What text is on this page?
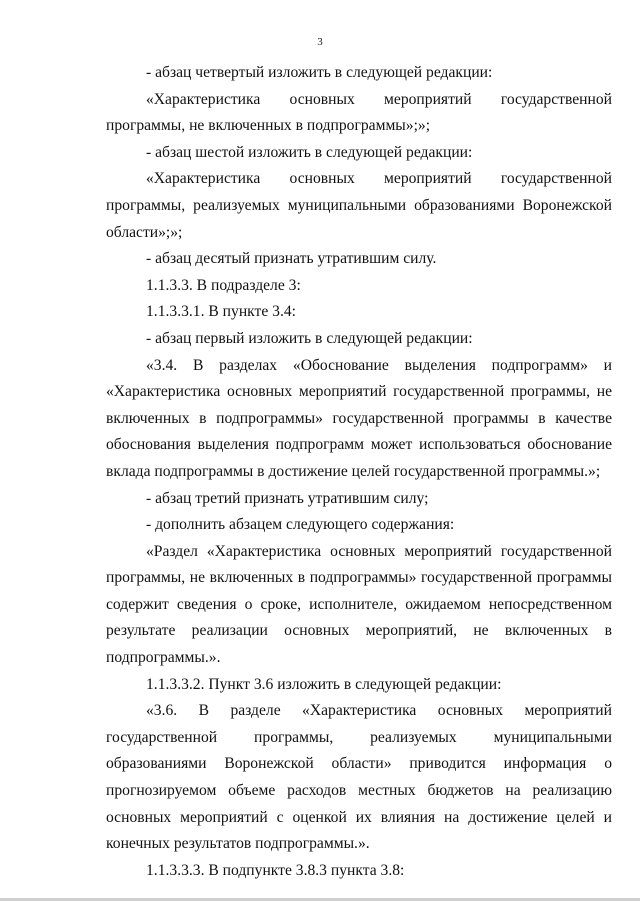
3

- абзац четвертый изложить в следующей редакции:

«Характеристика основных мероприятий государственной программы, не включенных в подпрограммы»;»;

- абзац шестой изложить в следующей редакции:

«Характеристика основных мероприятий государственной программы, реализуемых муниципальными образованиями Воронежской области»;»;

- абзац десятый признать утратившим силу.

1.1.3.3. В подразделе 3:

1.1.3.3.1. В пункте 3.4:

- абзац первый изложить в следующей редакции:

«3.4. В разделах «Обоснование выделения подпрограмм» и «Характеристика основных мероприятий государственной программы, не включенных в подпрограммы» государственной программы в качестве обоснования выделения подпрограмм может использоваться обоснование вклада подпрограммы в достижение целей государственной программы.»;

- абзац третий признать утратившим силу;

- дополнить абзацем следующего содержания:

«Раздел «Характеристика основных мероприятий государственной программы, не включенных в подпрограммы» государственной программы содержит сведения о сроке, исполнителе, ожидаемом непосредственном результате реализации основных мероприятий, не включенных в подпрограммы.».

1.1.3.3.2. Пункт 3.6 изложить в следующей редакции:

«3.6. В разделе «Характеристика основных мероприятий государственной программы, реализуемых муниципальными образованиями Воронежской области» приводится информация о прогнозируемом объеме расходов местных бюджетов на реализацию основных мероприятий с оценкой их влияния на достижение целей и конечных результатов подпрограммы.».

1.1.3.3.3. В подпункте 3.8.3 пункта 3.8:
